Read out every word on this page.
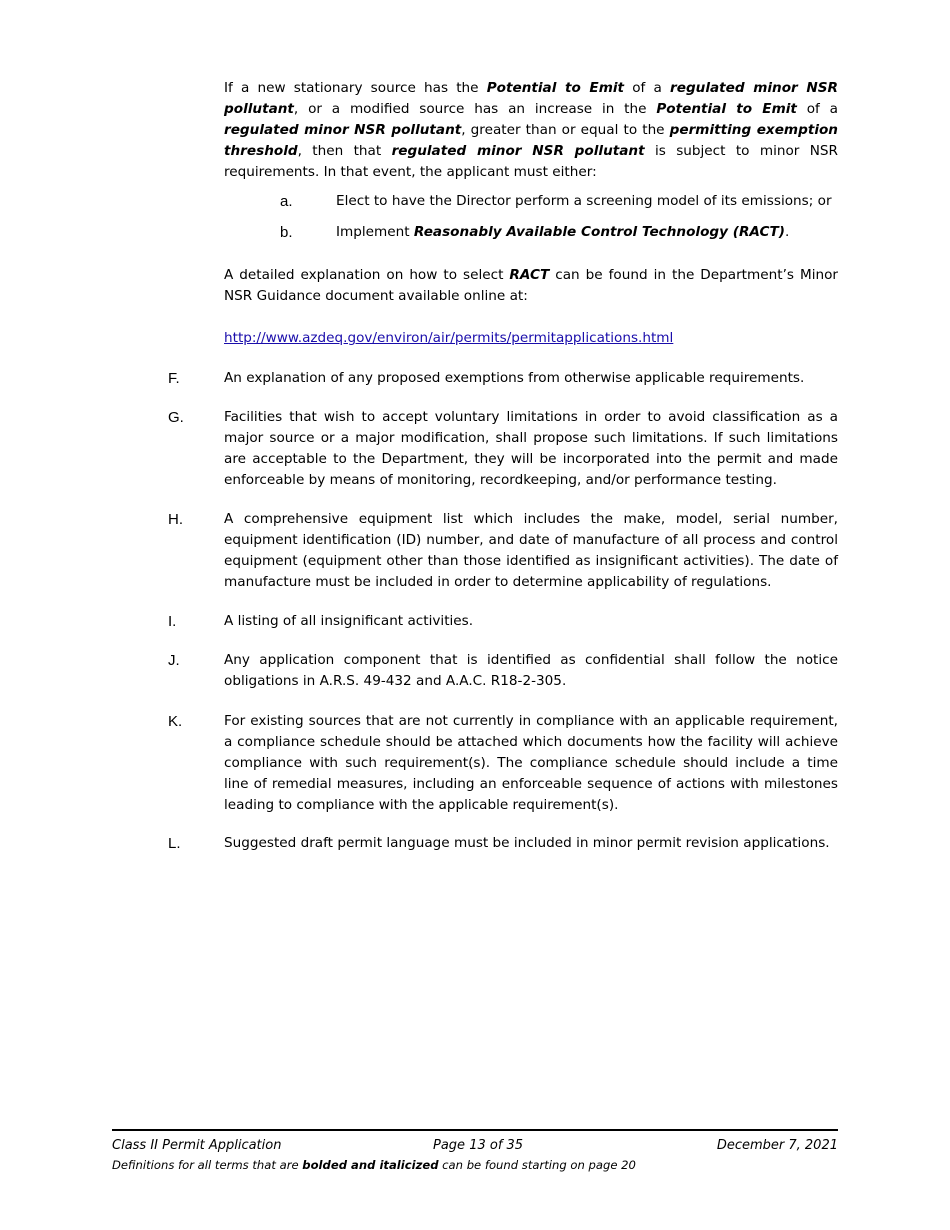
If a new stationary source has the Potential to Emit of a regulated minor NSR pollutant, or a modified source has an increase in the Potential to Emit of a regulated minor NSR pollutant, greater than or equal to the permitting exemption threshold, then that regulated minor NSR pollutant is subject to minor NSR requirements. In that event, the applicant must either:

a.	Elect to have the Director perform a screening model of its emissions; or
b.	Implement Reasonably Available Control Technology (RACT).

A detailed explanation on how to select RACT can be found in the Department’s Minor NSR Guidance document available online at:

http://www.azdeq.gov/environ/air/permits/permitapplications.html
F.	An explanation of any proposed exemptions from otherwise applicable requirements.

G.	Facilities that wish to accept voluntary limitations in order to avoid classification as a major source or a major modification, shall propose such limitations. If such limitations are acceptable to the Department, they will be incorporated into the permit and made enforceable by means of monitoring, recordkeeping, and/or performance testing.

H.	A comprehensive equipment list which includes the make, model, serial number, equipment identification (ID) number, and date of manufacture of all process and control equipment (equipment other than those identified as insignificant activities). The date of manufacture must be included in order to determine applicability of regulations.

I.	A listing of all insignificant activities.

J.	Any application component that is identified as confidential shall follow the notice obligations in A.R.S. 49-432 and A.A.C. R18-2-305.

K.	For existing sources that are not currently in compliance with an applicable requirement, a compliance schedule should be attached which documents how the facility will achieve compliance with such requirement(s). The compliance schedule should include a time line of remedial measures, including an enforceable sequence of actions with milestones leading to compliance with the applicable requirement(s).

L.	Suggested draft permit language must be included in minor permit revision applications.

Class II Permit Application	Page 13 of 35	December 7, 2021
Definitions for all terms that are bolded and italicized can be found starting on page 20
